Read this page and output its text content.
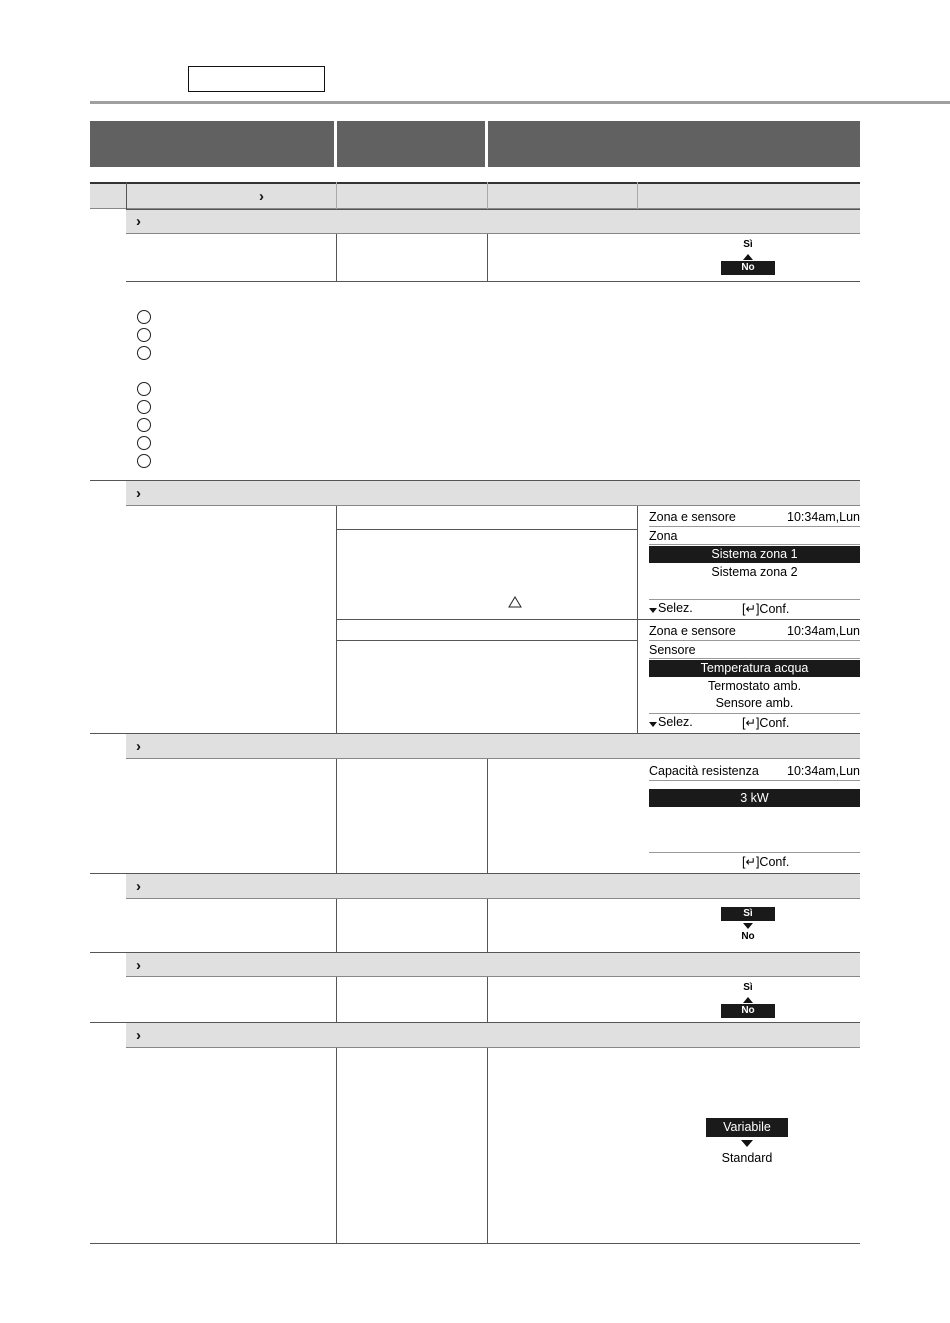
›
›
Sì
No
›
Zona e sensore	10:34am,Lun
Zona
Sistema zona 1
Sistema zona 2
Selez.	[↵]Conf.
Zona e sensore	10:34am,Lun
Sensore
Temperatura acqua
Termostato amb.
Sensore amb.
Selez.	[↵]Conf.
›
Capacità resistenza 10:34am,Lun
3 kW
[↵]Conf.
›
Sì
No
›
Sì
No
›
Variabile
Standard
